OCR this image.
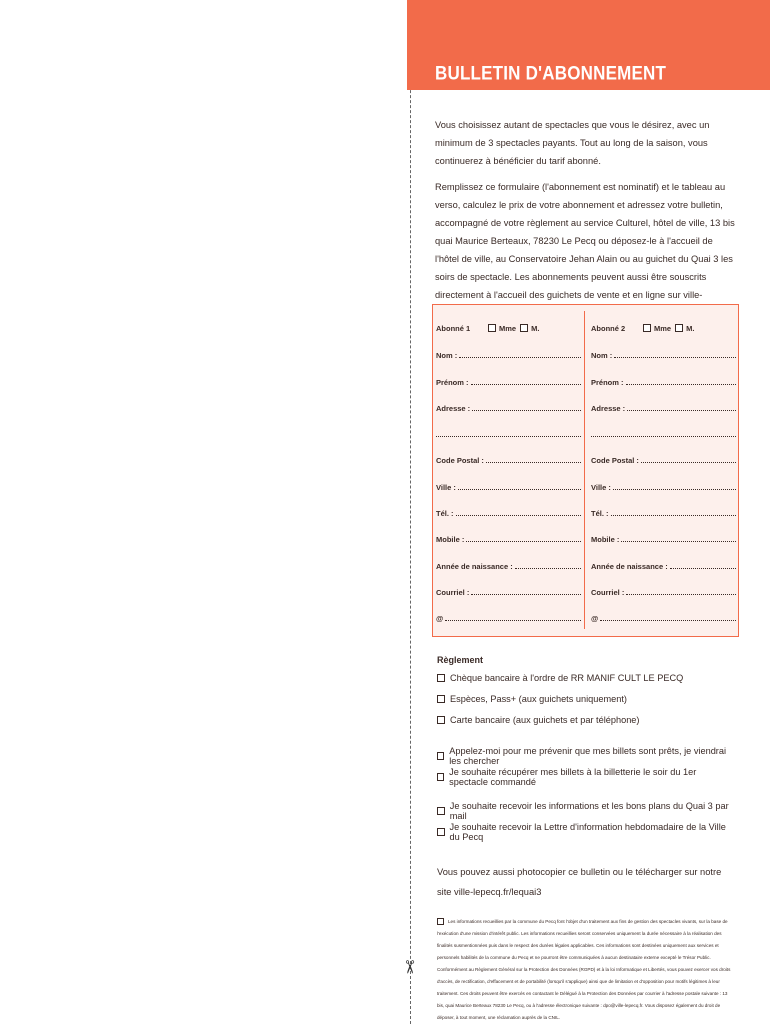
✂
BULLETIN D'ABONNEMENT

Vous choisissez autant de spectacles que vous le désirez, avec un minimum de 3 spectacles payants. Tout au long de la saison, vous continuerez à bénéficier du tarif abonné.

Remplissez ce formulaire (l'abonnement est nominatif) et le tableau au verso, calculez le prix de votre abonnement et adressez votre bulletin, accompagné de votre règlement au service Culturel, hôtel de ville, 13 bis quai Maurice Berteaux, 78230 Le Pecq ou déposez-le à l'accueil de l'hôtel de ville, au Conservatoire Jehan Alain ou au guichet du Quai 3 les soirs de spectacle. Les abonnements peuvent aussi être souscrits directement à l'accueil des guichets de vente et en ligne sur ville-

Abonné 1	Mme M.
Nom :
Prénom :
Adresse :
Code Postal :
Ville :
Tél. :
Mobile :
Année de naissance :
Courriel :
@
Abonné 2	Mme M.
Nom :
Prénom :
Adresse :
Code Postal :
Ville :
Tél. :
Mobile :
Année de naissance :
Courriel :
@
Règlement
Chèque bancaire à l'ordre de RR MANIF CULT LE PECQ
Espèces, Pass+ (aux guichets uniquement)
Carte bancaire (aux guichets et par téléphone)
Appelez-moi pour me prévenir que mes billets sont prêts, je viendrai les chercher
Je souhaite récupérer mes billets à la billetterie le soir du 1er spectacle commandé
Je souhaite recevoir les informations et les bons plans du Quai 3 par mail
Je souhaite recevoir la Lettre d'information hebdomadaire de la Ville du Pecq

Vous pouvez aussi photocopier ce bulletin ou le télécharger sur notre site ville-lepecq.fr/lequai3

Les informations recueillies par la commune du Pecq font l'objet d'un traitement aux fins de gestion des spectacles vivants, sur la base de l'exécution d'une mission d'intérêt public. Les informations recueillies seront conservées uniquement la durée nécessaire à la réalisation des finalités susmentionnées puis dans le respect des durées légales applicables. Ces informations sont destinées uniquement aux services et personnels habilités de la commune du Pecq et ne pourront être communiquées à aucun destinataire externe excepté le Trésor Public. Conformément au Règlement Général sur la Protection des Données (RGPD) et à la loi Informatique et Libertés, vous pouvez exercer vos droits d'accès, de rectification, d'effacement et de portabilité (lorsqu'il s'applique) ainsi que de limitation et d'opposition pour motifs légitimes à leur traitement. Ces droits peuvent être exercés en contactant le Délégué à la Protection des Données par courrier à l'adresse postale suivante : 13 bis, quai Maurice Berteaux 78230 Le Pecq, ou à l'adresse électronique suivante : dpo@ville-lepecq.fr. Vous disposez également du droit de déposer, à tout moment, une réclamation auprès de la CNIL.
